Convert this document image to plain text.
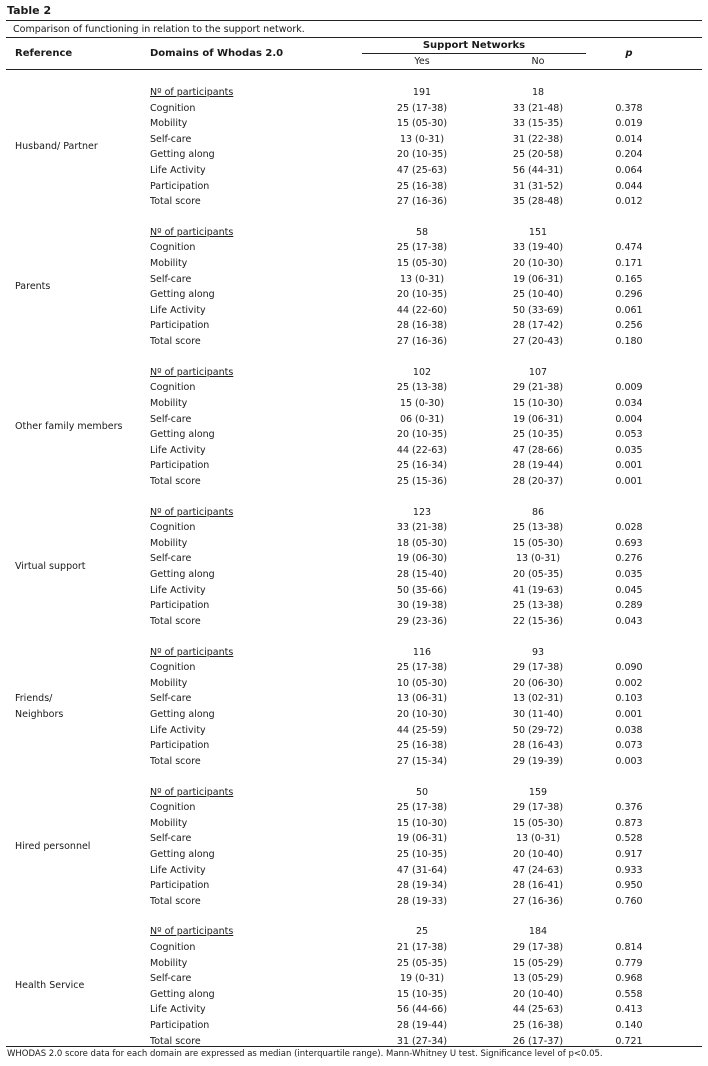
Table 2
Comparison of functioning in relation to the support network.
Reference	Domains of Whodas 2.0
Support Networks
Yes	No
p
Husband/ Partner
Nº of participants	191	18
Cognition	25 (17-38)	33 (21-48)	0.378
Mobility	15 (05-30)	33 (15-35)	0.019
Self-care	13 (0-31)	31 (22-38)	0.014
Getting along	20 (10-35)	25 (20-58)	0.204
Life Activity	47 (25-63)	56 (44-31)	0.064
Participation	25 (16-38)	31 (31-52)	0.044
Total score	27 (16-36)	35 (28-48)	0.012
Parents
Nº of participants	58	151
Cognition	25 (17-38)	33 (19-40)	0.474
Mobility	15 (05-30)	20 (10-30)	0.171
Self-care	13 (0-31)	19 (06-31)	0.165
Getting along	20 (10-35)	25 (10-40)	0.296
Life Activity	44 (22-60)	50 (33-69)	0.061
Participation	28 (16-38)	28 (17-42)	0.256
Total score	27 (16-36)	27 (20-43)	0.180
Other family members
Nº of participants	102	107
Cognition	25 (13-38)	29 (21-38)	0.009
Mobility	15 (0-30)	15 (10-30)	0.034
Self-care	06 (0-31)	19 (06-31)	0.004
Getting along	20 (10-35)	25 (10-35)	0.053
Life Activity	44 (22-63)	47 (28-66)	0.035
Participation	25 (16-34)	28 (19-44)	0.001
Total score	25 (15-36)	28 (20-37)	0.001
Virtual support
Nº of participants	123	86
Cognition	33 (21-38)	25 (13-38)	0.028
Mobility	18 (05-30)	15 (05-30)	0.693
Self-care	19 (06-30)	13 (0-31)	0.276
Getting along	28 (15-40)	20 (05-35)	0.035
Life Activity	50 (35-66)	41 (19-63)	0.045
Participation	30 (19-38)	25 (13-38)	0.289
Total score	29 (23-36)	22 (15-36)	0.043
Friends/
Neighbors
Nº of participants	116	93
Cognition	25 (17-38)	29 (17-38)	0.090
Mobility	10 (05-30)	20 (06-30)	0.002
Self-care	13 (06-31)	13 (02-31)	0.103
Getting along	20 (10-30)	30 (11-40)	0.001
Life Activity	44 (25-59)	50 (29-72)	0.038
Participation	25 (16-38)	28 (16-43)	0.073
Total score	27 (15-34)	29 (19-39)	0.003
Hired personnel
Nº of participants	50	159
Cognition	25 (17-38)	29 (17-38)	0.376
Mobility	15 (10-30)	15 (05-30)	0.873
Self-care	19 (06-31)	13 (0-31)	0.528
Getting along	25 (10-35)	20 (10-40)	0.917
Life Activity	47 (31-64)	47 (24-63)	0.933
Participation	28 (19-34)	28 (16-41)	0.950
Total score	28 (19-33)	27 (16-36)	0.760
Health Service
Nº of participants	25	184
Cognition	21 (17-38)	29 (17-38)	0.814
Mobility	25 (05-35)	15 (05-29)	0.779
Self-care	19 (0-31)	13 (05-29)	0.968
Getting along	15 (10-35)	20 (10-40)	0.558
Life Activity	56 (44-66)	44 (25-63)	0.413
Participation	28 (19-44)	25 (16-38)	0.140
Total score	31 (27-34)	26 (17-37)	0.721
WHODAS 2.0 score data for each domain are expressed as median (interquartile range). Mann-Whitney U test. Significance level of p<0.05.
